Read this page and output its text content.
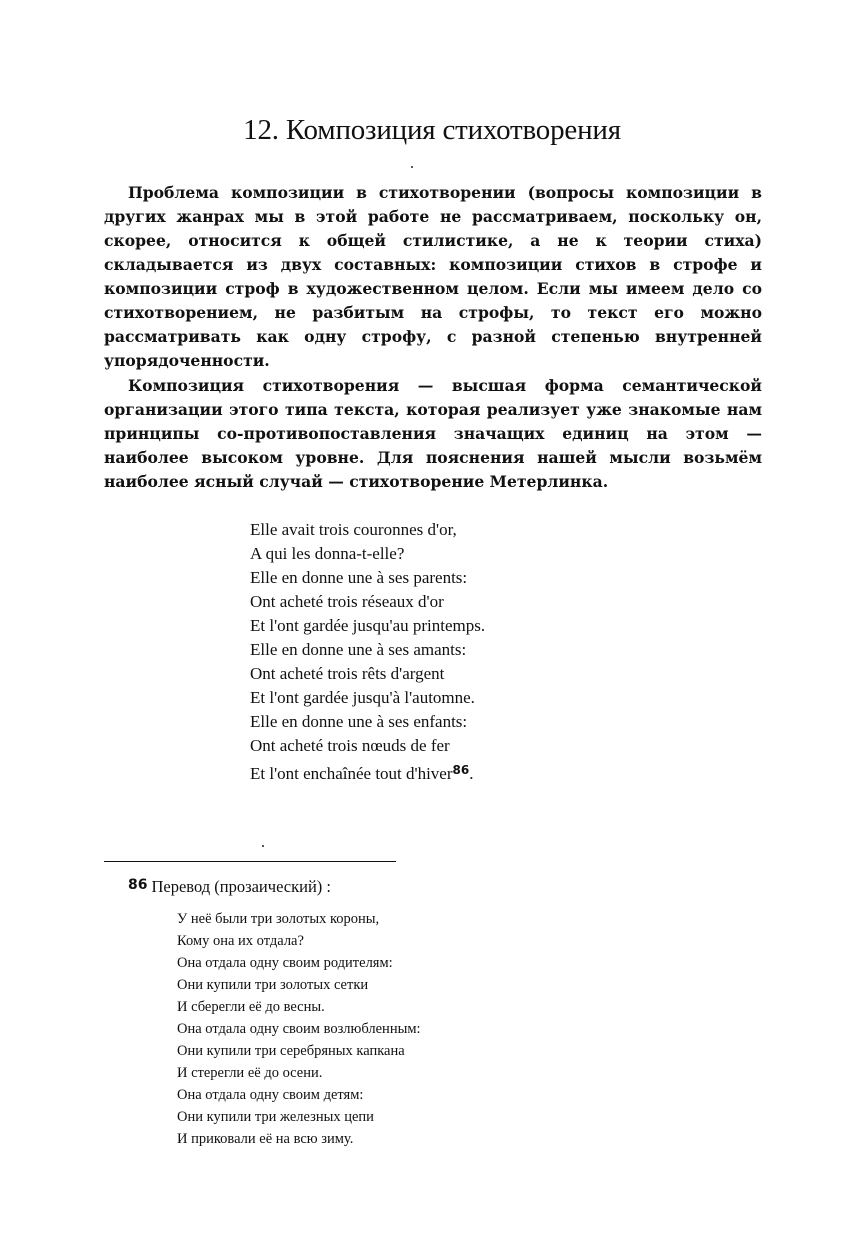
12. Композиция стихотворения

Проблема композиции в стихотворении (вопросы композиции в других жанрах мы в этой работе не рассматриваем, поскольку он, скорее, относится к общей стилистике, а не к теории стиха) складывается из двух составных: композиции стихов в строфе и композиции строф в художественном целом. Если мы имеем дело со стихотворением, не разбитым на строфы, то текст его можно рассматривать как одну строфу, с разной степенью внутренней упорядоченности.

Композиция стихотворения — высшая форма семантической организации этого типа текста, которая реализует уже знакомые нам принципы со-противопоставления значащих единиц на этом — наиболее высоком уровне. Для пояснения нашей мысли возьмём наиболее ясный случай — стихотворение Метерлинка.

Elle avait trois couronnes d'or,
A qui les donna-t-elle?
Elle en donne une à ses parents:
Ont acheté trois réseaux d'or
Et l'ont gardée jusqu'au printemps.
Elle en donne une à ses amants:
Ont acheté trois rêts d'argent
Et l'ont gardée jusqu'à l'automne.
Elle en donne une à ses enfants:
Ont acheté trois nœuds de fer
Et l'ont enchaînée tout d'hiver$^{86}$.
86 Перевод (прозаический) :
У неё были три золотых короны,
Кому она их отдала?
Она отдала одну своим родителям:
Они купили три золотых сетки
И сберегли её до весны.
Она отдала одну своим возлюбленным:
Они купили три серебряных капкана
И стерегли её до осени.
Она отдала одну своим детям:
Они купили три железных цепи
И приковали её на всю зиму.
